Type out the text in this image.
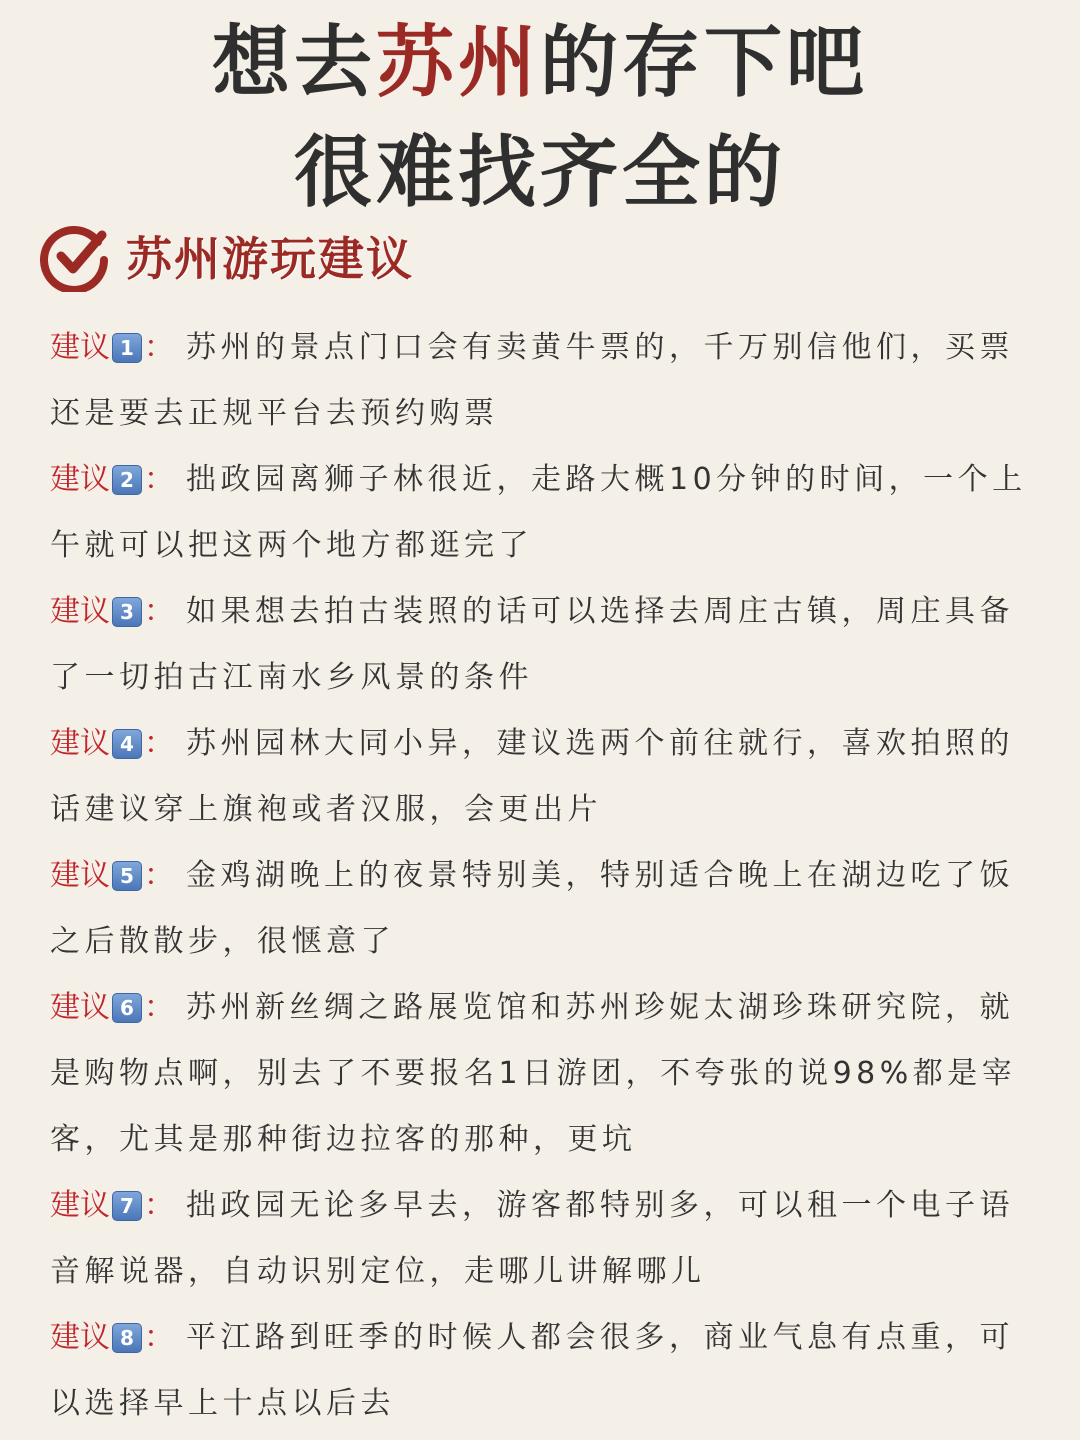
想去苏州的存下吧
很难找齐全的
苏州游玩建议

建议 1 ： 苏州的景点门口会有卖黄牛票的，千万别信他们，买票还是要去正规平台去预约购票

建议 2 ： 拙政园离狮子林很近，走路大概10分钟的时间，一个上午就可以把这两个地方都逛完了

建议 3 ： 如果想去拍古装照的话可以选择去周庄古镇，周庄具备了一切拍古江南水乡风景的条件

建议 4 ： 苏州园林大同小异，建议选两个前往就行，喜欢拍照的话建议穿上旗袍或者汉服，会更出片

建议 5 ： 金鸡湖晚上的夜景特别美，特别适合晚上在湖边吃了饭之后散散步，很惬意了

建议 6 ： 苏州新丝绸之路展览馆和苏州珍妮太湖珍珠研究院，就是购物点啊，别去了不要报名1日游团，不夸张的说98%都是宰客，尤其是那种街边拉客的那种，更坑

建议 7 ： 拙政园无论多早去，游客都特别多，可以租一个电子语音解说器，自动识别定位，走哪儿讲解哪儿

建议 8 ： 平江路到旺季的时候人都会很多，商业气息有点重，可以选择早上十点以后去
